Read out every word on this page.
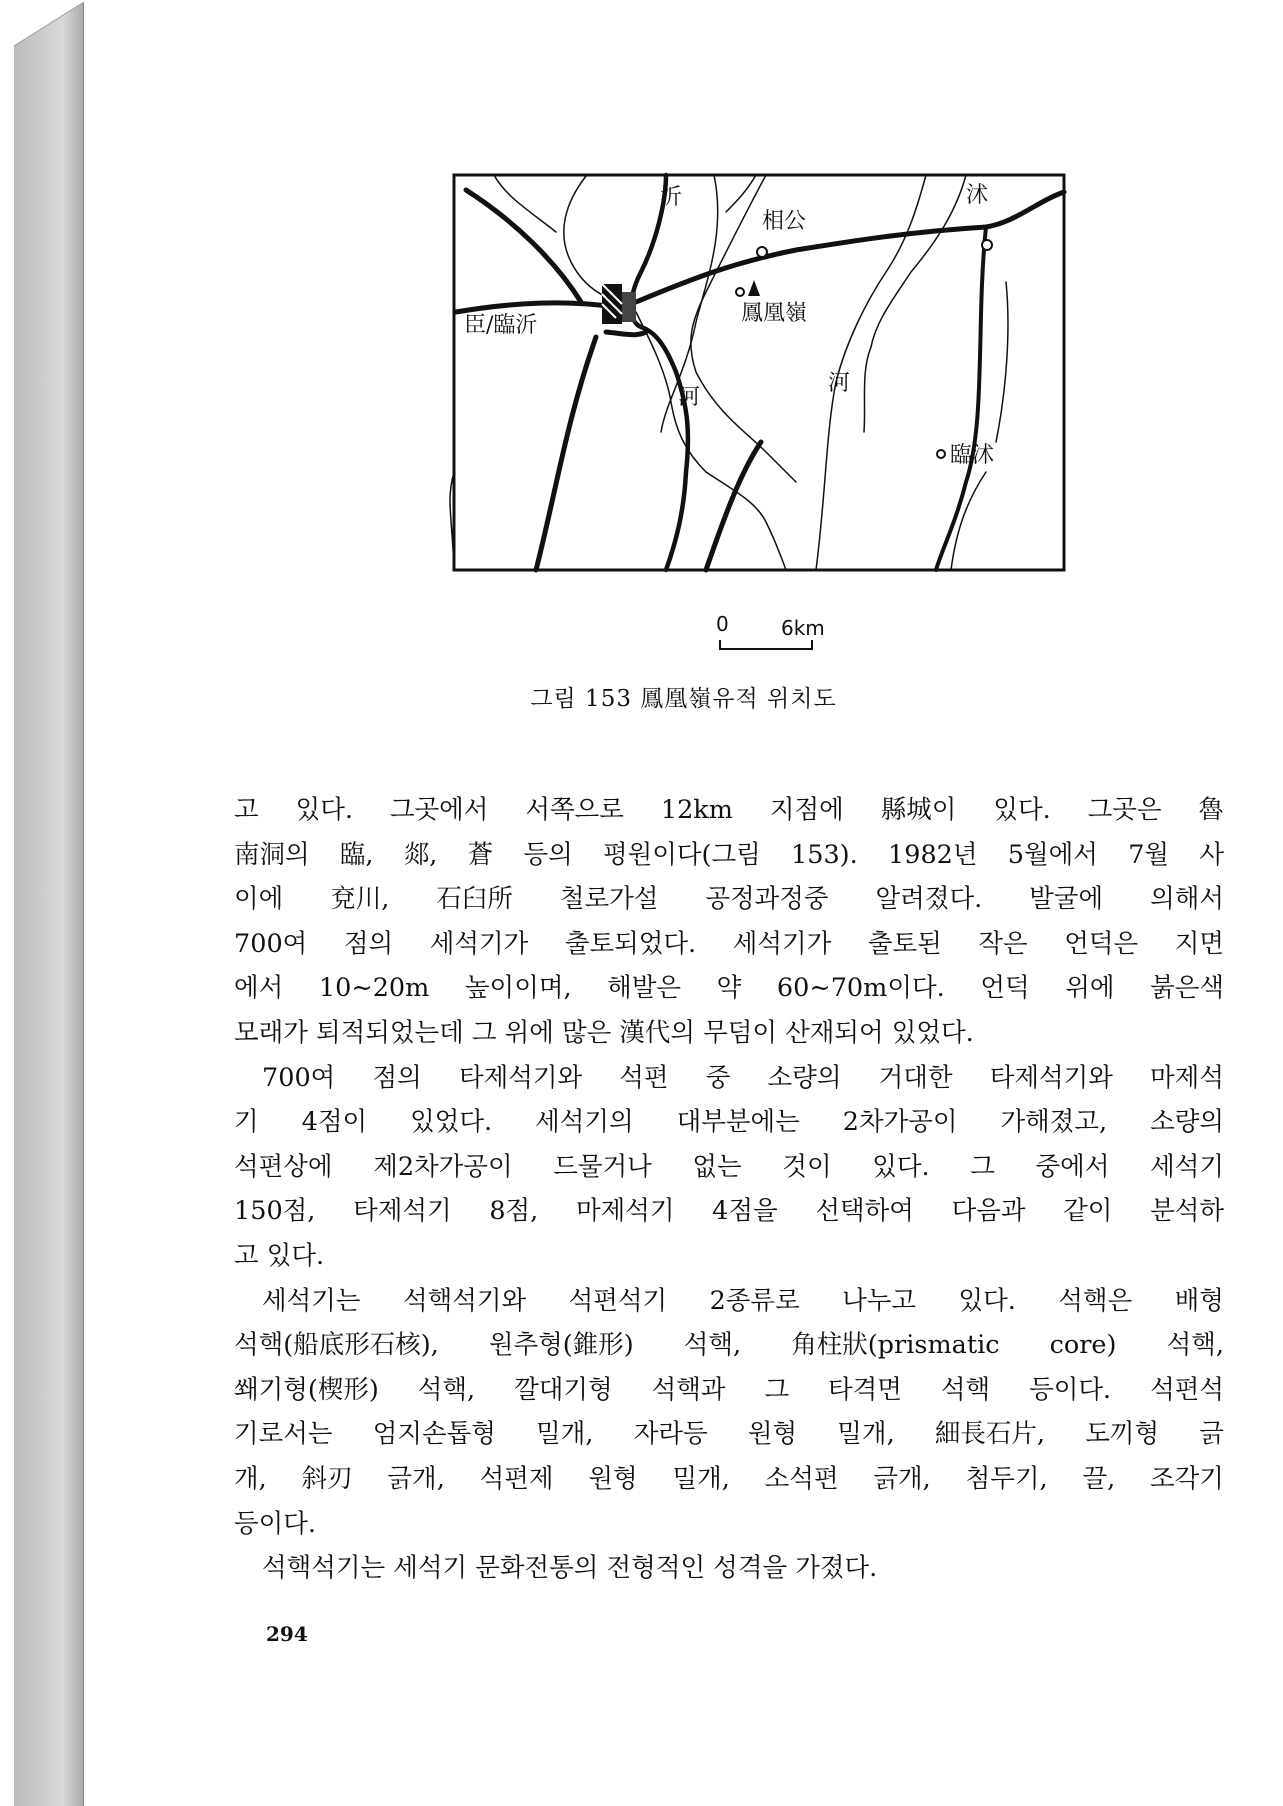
沂
相公
沭
鳳凰嶺
臣/臨沂
河
河
臨沭
0	6km
그림 153 鳳凰嶺유적 위치도
고 있다. 그곳에서 서쪽으로 12km 지점에 縣城이 있다. 그곳은 魯
南洞의 臨, 郯, 蒼 등의 평원이다(그림 153). 1982년 5월에서 7월 사
이에 兗川, 石臼所 철로가설 공정과정중 알려졌다. 발굴에 의해서
700여 점의 세석기가 출토되었다. 세석기가 출토된 작은 언덕은 지면
에서 10∼20m 높이이며, 해발은 약 60∼70m이다. 언덕 위에 붉은색
모래가 퇴적되었는데 그 위에 많은 漢代의 무덤이 산재되어 있었다.
700여 점의 타제석기와 석편 중 소량의 거대한 타제석기와 마제석
기 4점이 있었다. 세석기의 대부분에는 2차가공이 가해졌고, 소량의
석편상에 제2차가공이 드물거나 없는 것이 있다. 그 중에서 세석기
150점, 타제석기 8점, 마제석기 4점을 선택하여 다음과 같이 분석하
고 있다.
세석기는 석핵석기와 석편석기 2종류로 나누고 있다. 석핵은 배형
석핵(船底形石核), 원추형(錐形) 석핵, 角柱狀(prismatic core) 석핵,
쐐기형(楔形) 석핵, 깔대기형 석핵과 그 타격면 석핵 등이다. 석편석
기로서는 엄지손톱형 밀개, 자라등 원형 밀개, 細長石片, 도끼형 긁
개, 斜刃 긁개, 석편제 원형 밀개, 소석편 긁개, 첨두기, 끌, 조각기
등이다.
석핵석기는 세석기 문화전통의 전형적인 성격을 가졌다.
294
